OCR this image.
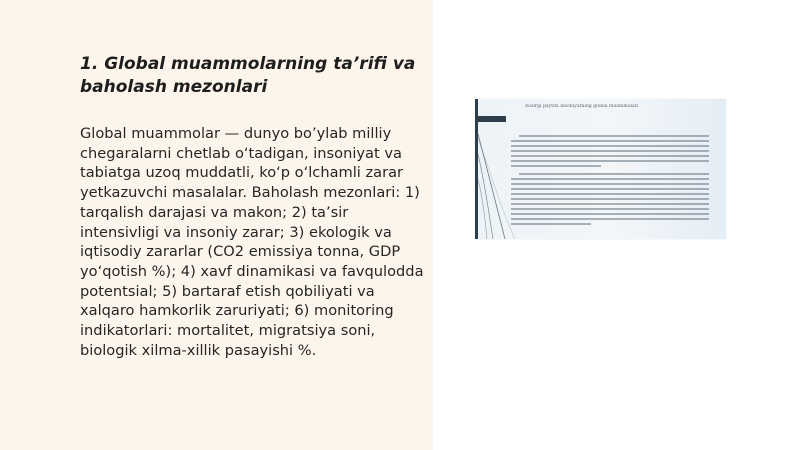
1. Global muammolarning ta’rifi va baholash mezonlari

Global muammolar — dunyo bo’ylab milliy chegaralarni chetlab o‘tadigan, insoniyat va tabiatga uzoq muddatli, ko‘p o‘lchamli zarar yetkazuvchi masalalar. Baholash mezonlari: 1) tarqalish darajasi va makon; 2) ta’sir intensivligi va insoniy zarar; 3) ekologik va iqtisodiy zararlar (CO2 emissiya tonna, GDP yo‘qotish %); 4) xavf dinamikasi va favqulodda potentsial; 5) bartaraf etish qobiliyati va xalqaro hamkorlik zaruriyati; 6) monitoring indikatorlari: mortalitet, migratsiya soni, biologik xilma-xillik pasayishi %.

Xozirgi paytda insoniyatning global muammolari
